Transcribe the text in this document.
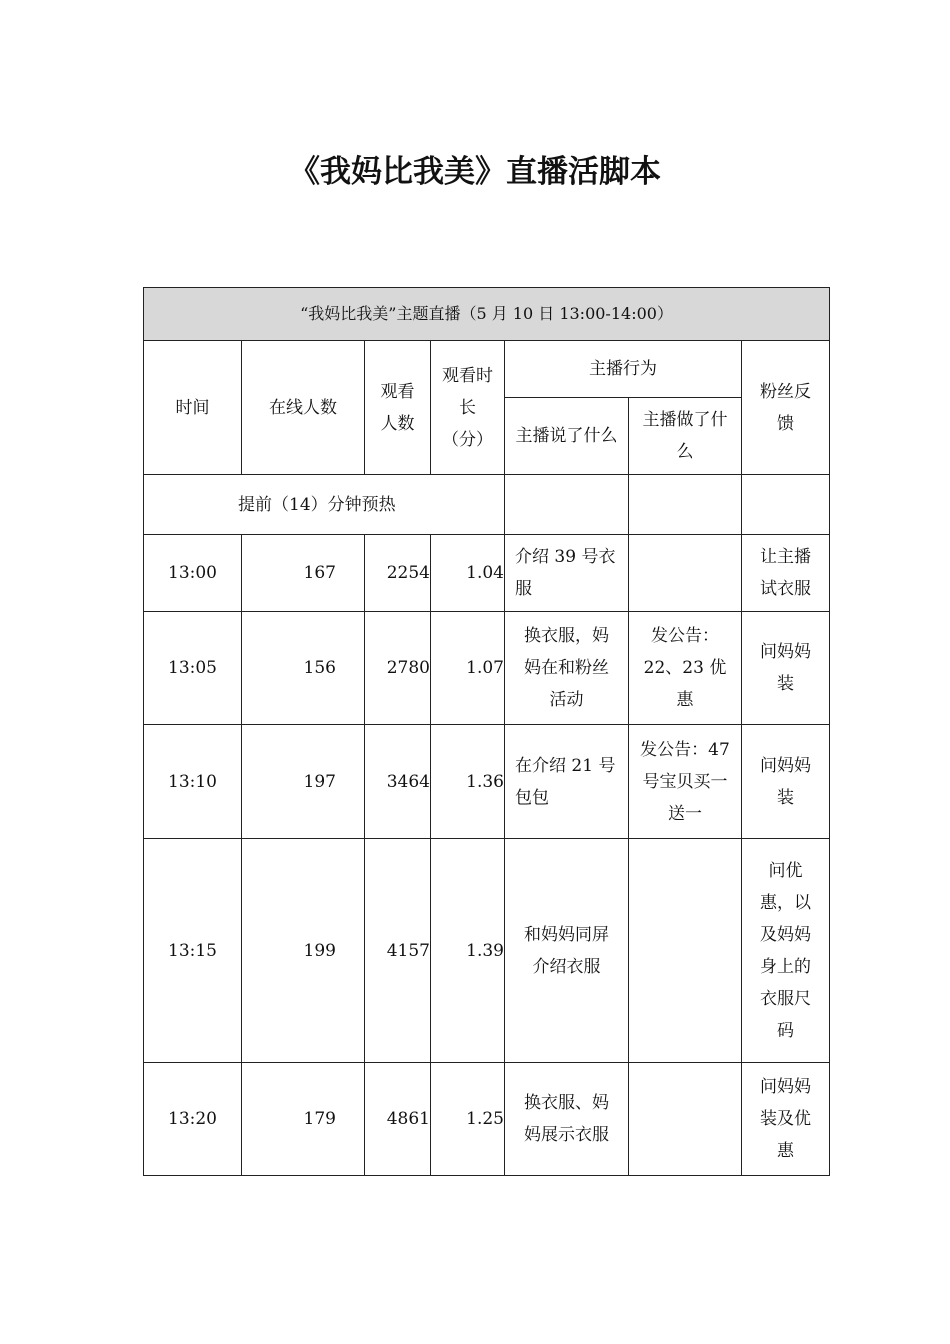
《我妈比我美》直播活脚本
“我妈比我美”主题直播（5 月 10 日 13:00-14:00）						
时间	在线人数	观看人数	观看时长（分）	主播行为		粉丝反馈
				主播说了什么	主播做了什么	
提前（14）分钟预热						
13:00	167	2254	1.04	介绍 39 号衣服		让主播试衣服
13:05	156	2780	1.07	换衣服，妈妈在和粉丝活动	发公告：22、23 优惠	问妈妈装
13:10	197	3464	1.36	在介绍 21 号包包	发公告：47 号宝贝买一送一	问妈妈装
13:15	199	4157	1.39	和妈妈同屏介绍衣服		问优惠，以及妈妈身上的衣服尺码
13:20	179	4861	1.25	换衣服、妈妈展示衣服		问妈妈装及优惠
